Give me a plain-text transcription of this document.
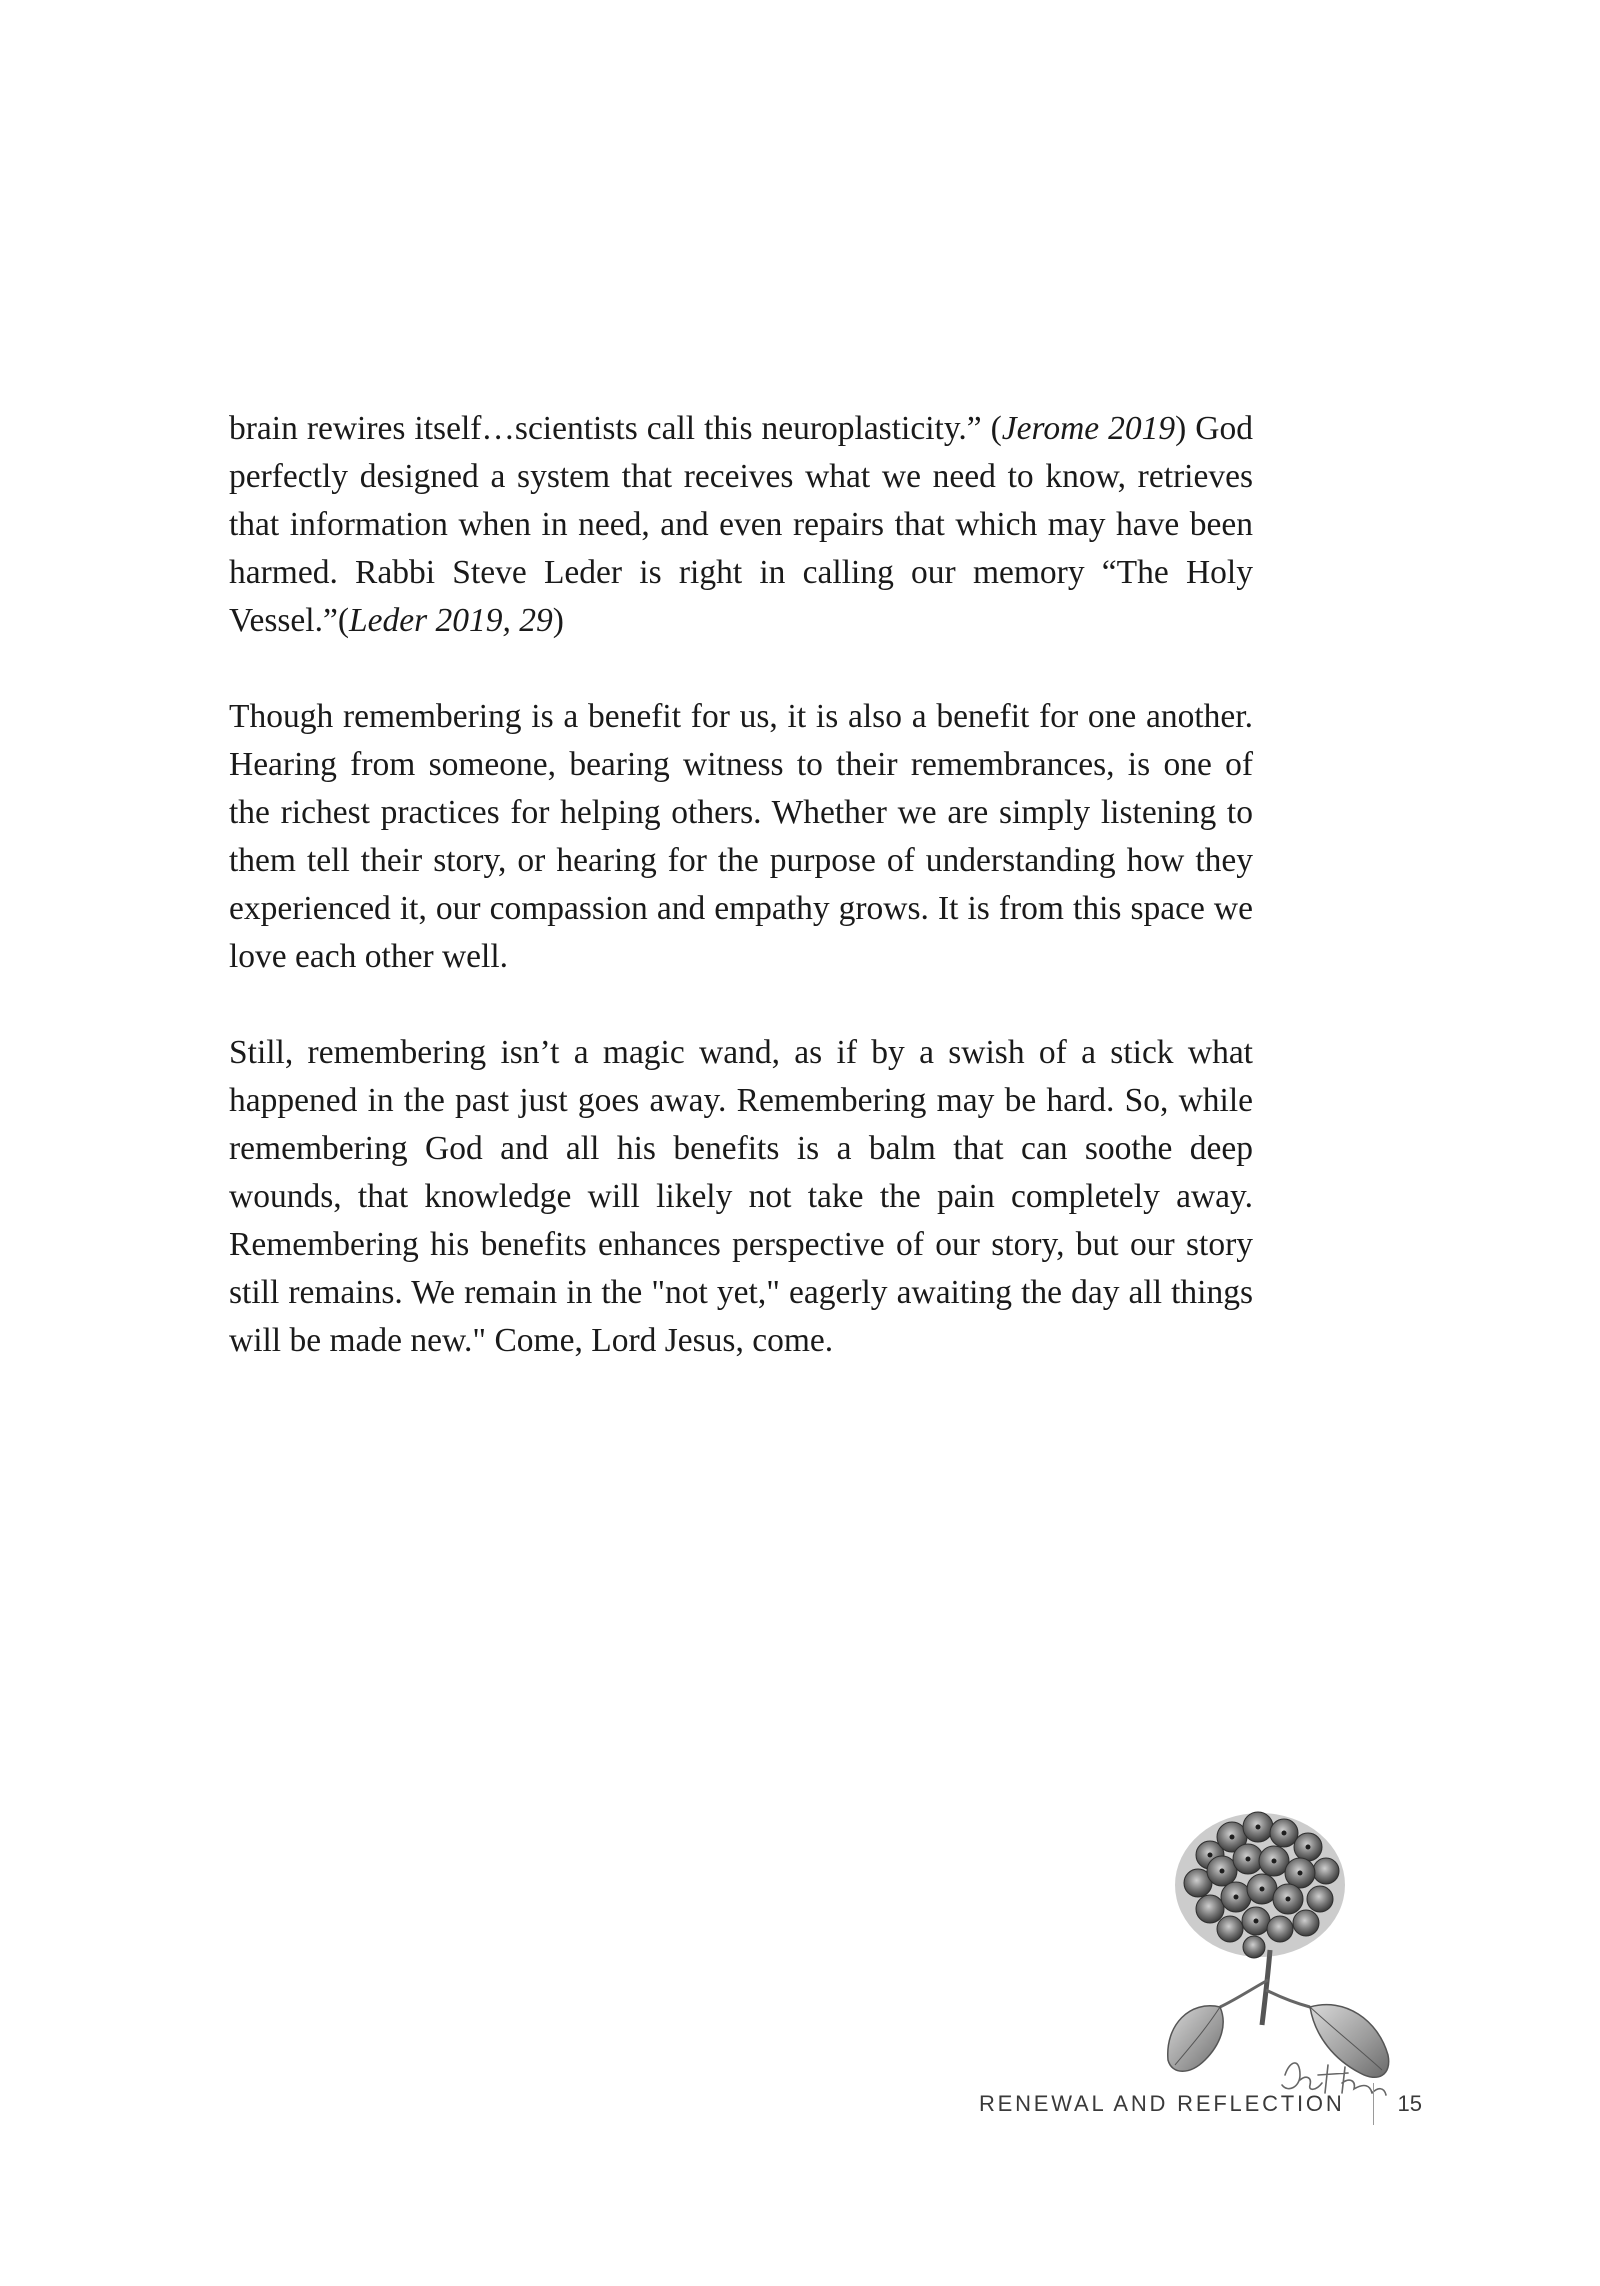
brain rewires itself…scientists call this neuroplasticity.” (Jerome 2019) God perfectly designed a system that receives what we need to know, retrieves that information when in need, and even repairs that which may have been harmed. Rabbi Steve Leder is right in calling our memory “The Holy Vessel.”(Leder 2019, 29)

Though remembering is a benefit for us, it is also a benefit for one another. Hearing from someone, bearing witness to their remembrances, is one of the richest practices for helping others. Whether we are simply listening to them tell their story, or hearing for the purpose of understanding how they experienced it, our compassion and empathy grows. It is from this space we love each other well.

Still, remembering isn’t a magic wand, as if by a swish of a stick what happened in the past just goes away. Remembering may be hard. So, while remembering God and all his benefits is a balm that can soothe deep wounds, that knowledge will likely not take the pain completely away. Remembering his benefits enhances perspective of our story, but our story still remains. We remain in the "not yet," eagerly awaiting the day all things will be made new." Come, Lord Jesus, come.

RENEWAL AND REFLECTION 15
